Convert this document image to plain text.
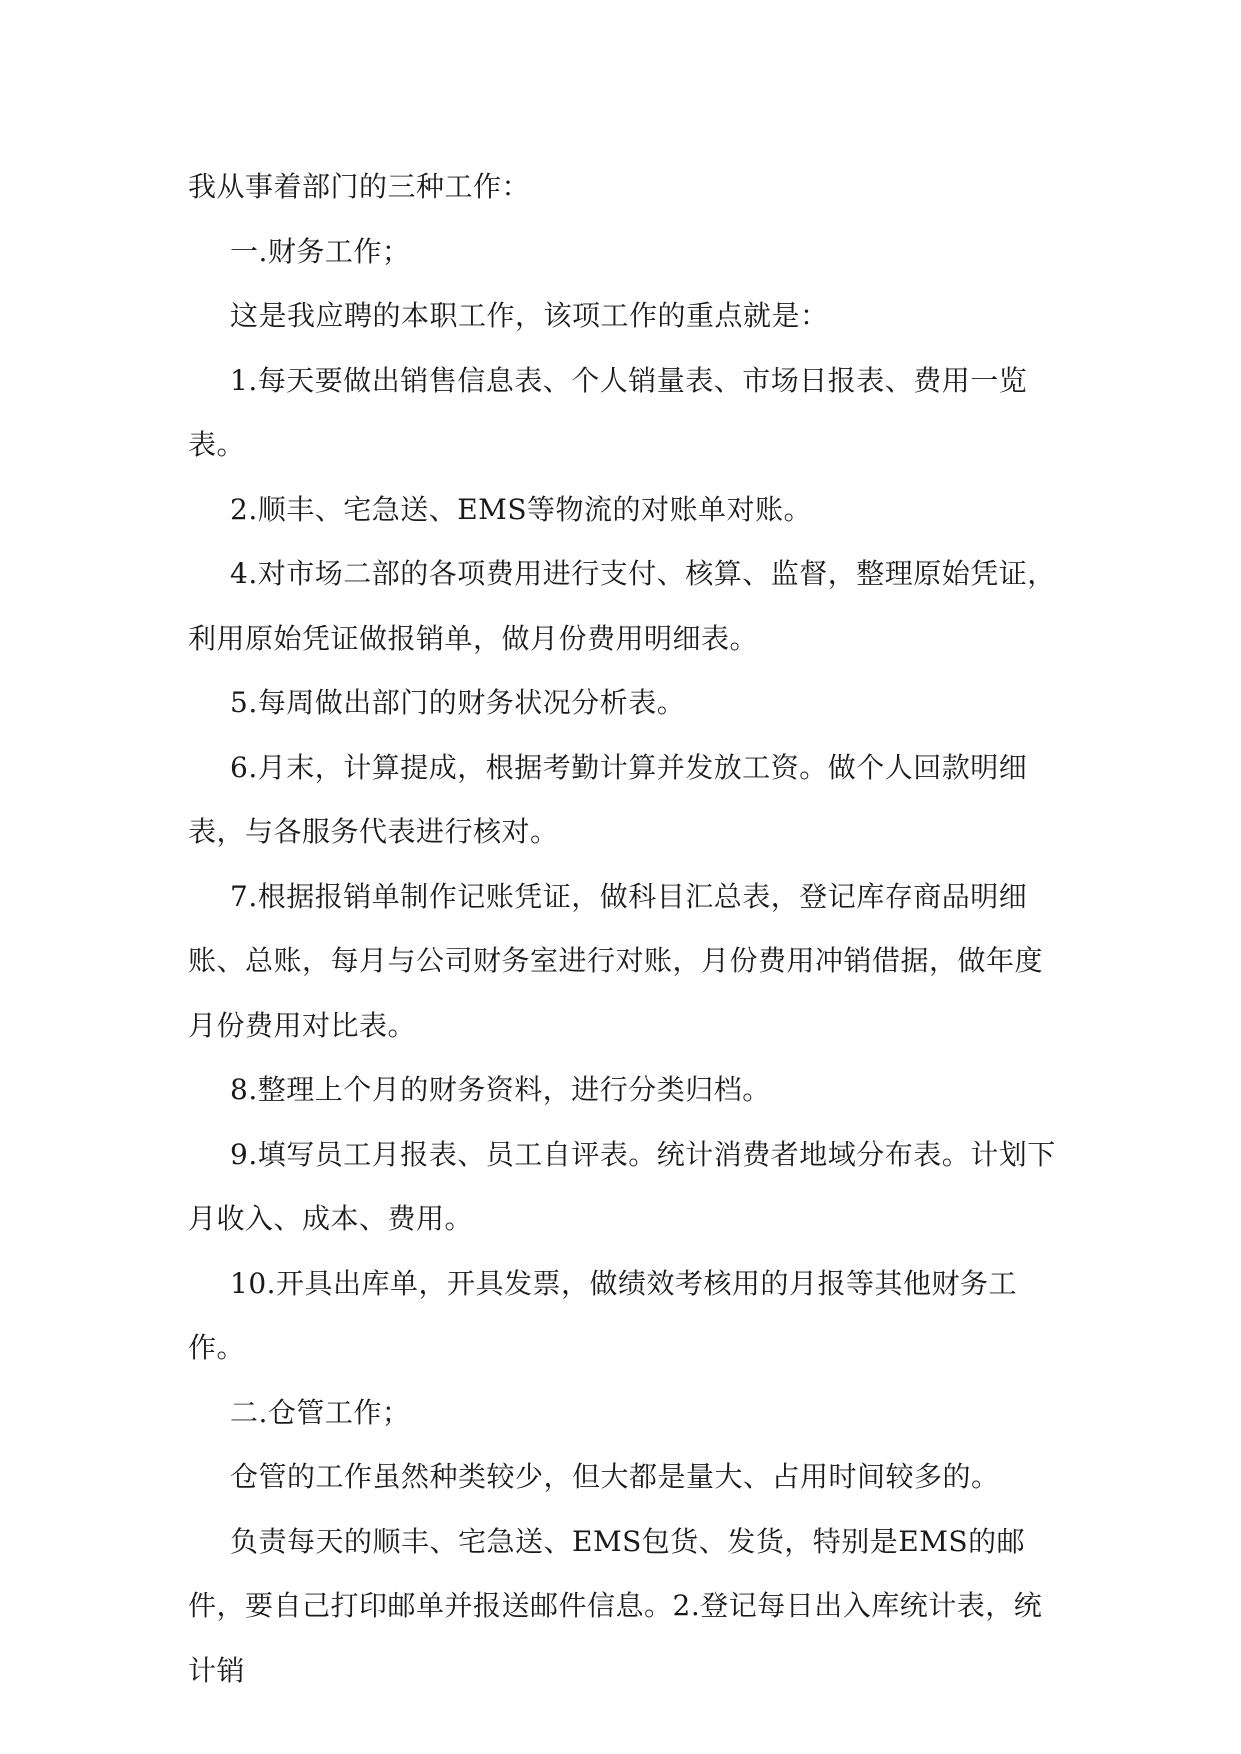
我从事着部门的三种工作：

一.财务工作；

这是我应聘的本职工作，该项工作的重点就是：

1.每天要做出销售信息表、个人销量表、市场日报表、费用一览表。

2.顺丰、宅急送、EMS等物流的对账单对账。

4.对市场二部的各项费用进行支付、核算、监督，整理原始凭证，利用原始凭证做报销单，做月份费用明细表。

5.每周做出部门的财务状况分析表。

6.月末，计算提成，根据考勤计算并发放工资。做个人回款明细表，与各服务代表进行核对。

7.根据报销单制作记账凭证，做科目汇总表，登记库存商品明细账、总账，每月与公司财务室进行对账，月份费用冲销借据，做年度月份费用对比表。

8.整理上个月的财务资料，进行分类归档。

9.填写员工月报表、员工自评表。统计消费者地域分布表。计划下月收入、成本、费用。

10.开具出库单，开具发票，做绩效考核用的月报等其他财务工作。

二.仓管工作；

仓管的工作虽然种类较少，但大都是量大、占用时间较多的。

负责每天的顺丰、宅急送、EMS包货、发货，特别是EMS的邮件，要自己打印邮单并报送邮件信息。2.登记每日出入库统计表，统计销
